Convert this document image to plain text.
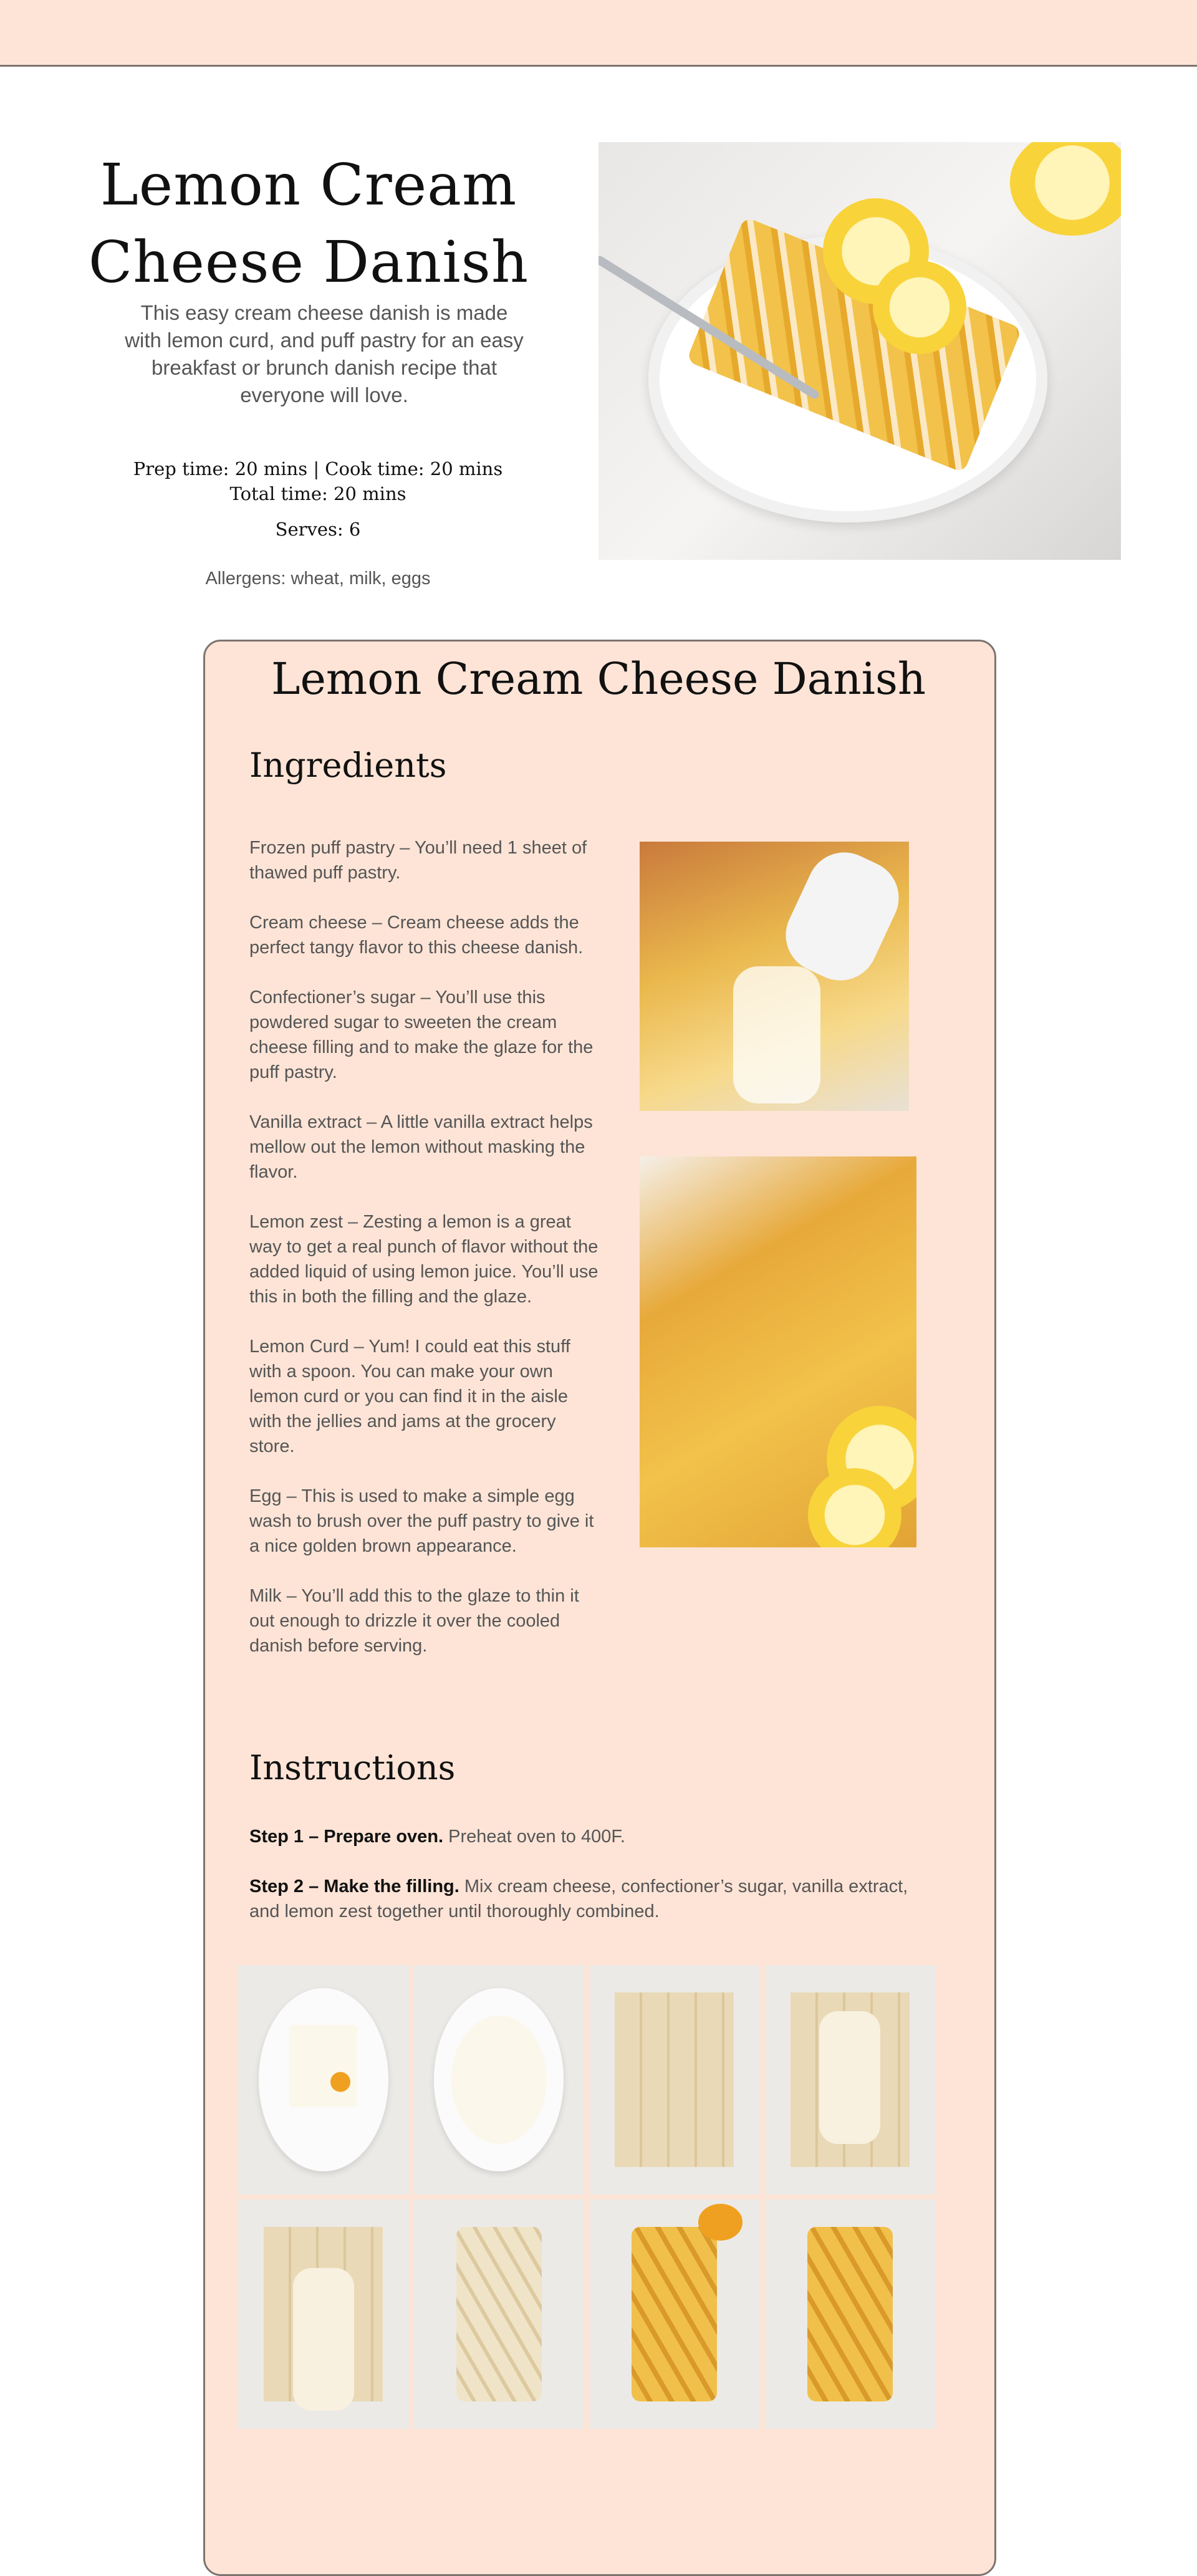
Lemon Cream Cheese Danish

This easy cream cheese danish is made with lemon curd, and puff pastry for an easy breakfast or brunch danish recipe that everyone will love.

Prep time: 20 mins | Cook time: 20 mins
Total time: 20 mins

Serves: 6

Allergens: wheat, milk, eggs

Lemon Cream Cheese Danish
Ingredients
Frozen puff pastry – You’ll need 1 sheet of thawed puff pastry.
Cream cheese – Cream cheese adds the perfect tangy flavor to this cheese danish.
Confectioner’s sugar – You’ll use this powdered sugar to sweeten the cream cheese filling and to make the glaze for the puff pastry.
Vanilla extract – A little vanilla extract helps mellow out the lemon without masking the flavor.
Lemon zest – Zesting a lemon is a great way to get a real punch of flavor without the added liquid of using lemon juice. You’ll use this in both the filling and the glaze.
Lemon Curd – Yum! I could eat this stuff with a spoon. You can make your own lemon curd or you can find it in the aisle with the jellies and jams at the grocery store.
Egg – This is used to make a simple egg wash to brush over the puff pastry to give it a nice golden brown appearance.
Milk – You’ll add this to the glaze to thin it out enough to drizzle it over the cooled danish before serving.
Instructions

Step 1 – Prepare oven. Preheat oven to 400F.

Step 2 – Make the filling. Mix cream cheese, confectioner’s sugar, vanilla extract, and lemon zest together until thoroughly combined.
